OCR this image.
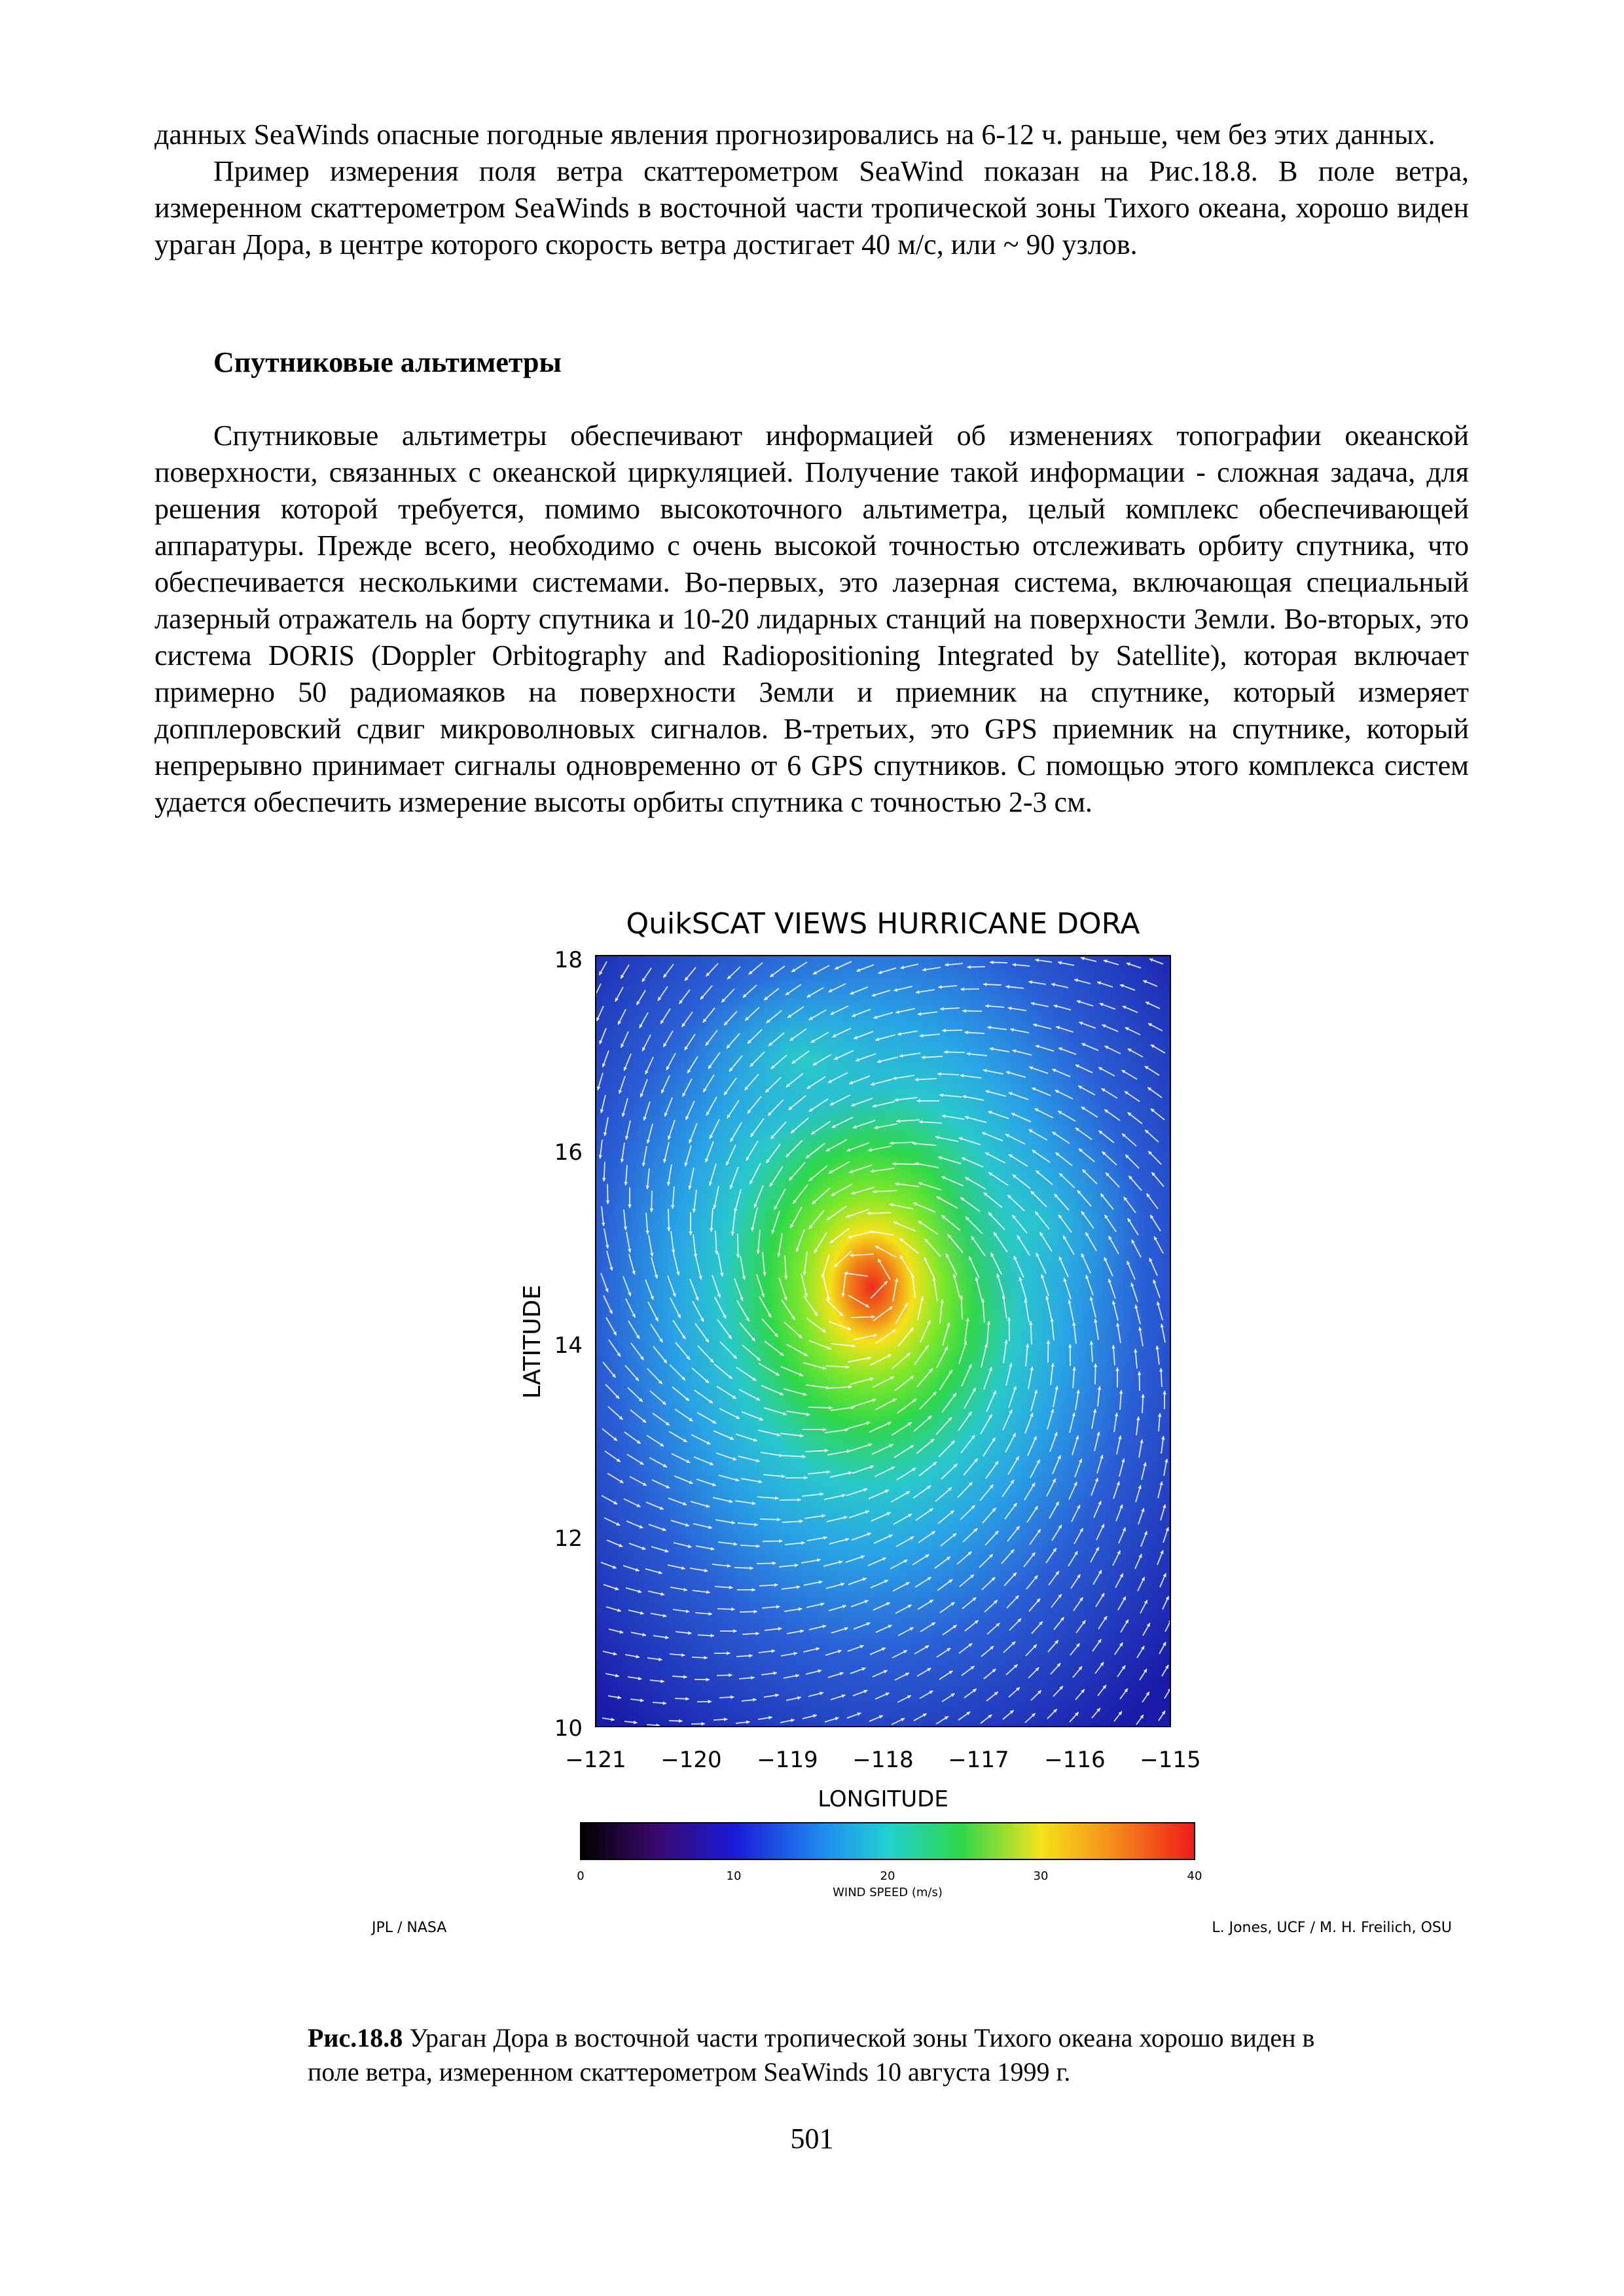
данных SeaWinds опасные погодные явления прогнозировались на 6-12 ч. раньше, чем без этих данных.

Пример измерения поля ветра скаттерометром SeaWind показан на Рис.18.8. В поле ветра, измеренном скаттерометром SeaWinds в восточной части тропической зоны Тихого океана, хорошо виден ураган Дора, в центре которого скорость ветра достигает 40 м/с, или ~ 90 узлов.

Спутниковые альтиметры

Спутниковые альтиметры обеспечивают информацией об изменениях топографии океанской поверхности, связанных с океанской циркуляцией. Получение такой информации - сложная задача, для решения которой требуется, помимо высокоточного альтиметра, целый комплекс обеспечивающей аппаратуры. Прежде всего, необходимо с очень высокой точностью отслеживать орбиту спутника, что обеспечивается несколькими системами. Во-первых, это лазерная система, включающая специальный лазерный отражатель на борту спутника и 10-20 лидарных станций на поверхности Земли. Во-вторых, это система DORIS (Doppler Orbitography and Radiopositioning Integrated by Satellite), которая включает примерно 50 радиомаяков на поверхности Земли и приемник на спутнике, который измеряет допплеровский сдвиг микроволновых сигналов. В-третьих, это GPS приемник на спутнике, который непрерывно принимает сигналы одновременно от 6 GPS спутников. С помощью этого комплекса систем удается обеспечить измерение высоты орбиты спутника с точностью 2-3 см.

QuikSCAT VIEWS HURRICANE DORA
LATITUDE
18
16
14
12
10
−121 −120 −119 −118 −117 −116 −115
LONGITUDE
0	10	20	30	40
WIND SPEED (m/s)
JPL / NASA	L. Jones, UCF / M. H. Freilich, OSU
Рис.18.8 Ураган Дора в восточной части тропической зоны Тихого океана хорошо виден в поле ветра, измеренном скаттерометром SeaWinds 10 августа 1999 г.
501
